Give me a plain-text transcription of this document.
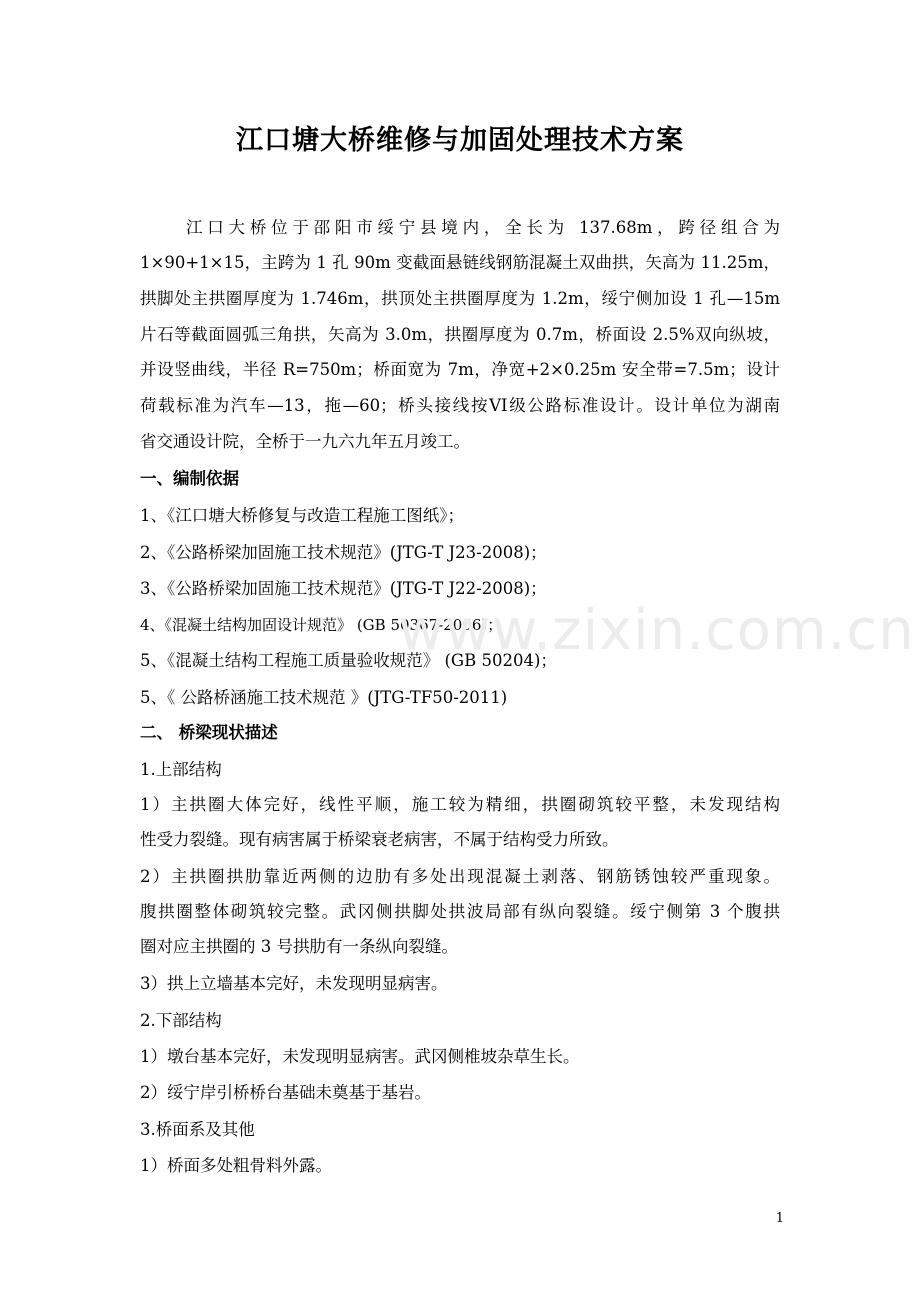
江口塘大桥维修与加固处理技术方案

江口大桥位于邵阳市绥宁县境内，全长为 137.68m，跨径组合为

1×90+1×15，主跨为 1 孔 90m 变截面悬链线钢筋混凝土双曲拱，矢高为 11.25m，

拱脚处主拱圈厚度为 1.746m，拱顶处主拱圈厚度为 1.2m，绥宁侧加设 1 孔—15m

片石等截面圆弧三角拱，矢高为 3.0m，拱圈厚度为 0.7m，桥面设 2.5%双向纵坡，

并设竖曲线，半径 R=750m；桥面宽为 7m，净宽+2×0.25m 安全带=7.5m；设计

荷载标准为汽车—13，拖—60；桥头接线按VI级公路标准设计。设计单位为湖南

省交通设计院，全桥于一九六九年五月竣工。

一、编制依据

1、《江口塘大桥修复与改造工程施工图纸》；

2、《公路桥梁加固施工技术规范》(JTG-T J23-2008)；

3、《公路桥梁加固施工技术规范》(JTG-T J22-2008)；

4、《混凝土结构加固设计规范》 (GB 50367-2006)；

5、《混凝土结构工程施工质量验收规范》 (GB 50204)；

5、《 公路桥涵施工技术规范 》(JTG-TF50-2011)

二、 桥梁现状描述

1.上部结构

1）主拱圈大体完好，线性平顺，施工较为精细，拱圈砌筑较平整，未发现结构

性受力裂缝。现有病害属于桥梁衰老病害，不属于结构受力所致。

2）主拱圈拱肋靠近两侧的边肋有多处出现混凝土剥落、钢筋锈蚀较严重现象。

腹拱圈整体砌筑较完整。武冈侧拱脚处拱波局部有纵向裂缝。绥宁侧第 3 个腹拱

圈对应主拱圈的 3 号拱肋有一条纵向裂缝。

3）拱上立墙基本完好，未发现明显病害。

2.下部结构

1）墩台基本完好，未发现明显病害。武冈侧椎坡杂草生长。

2）绥宁岸引桥桥台基础未奠基于基岩。

3.桥面系及其他

1）桥面多处粗骨料外露。

www.zixin.com.cn
1
